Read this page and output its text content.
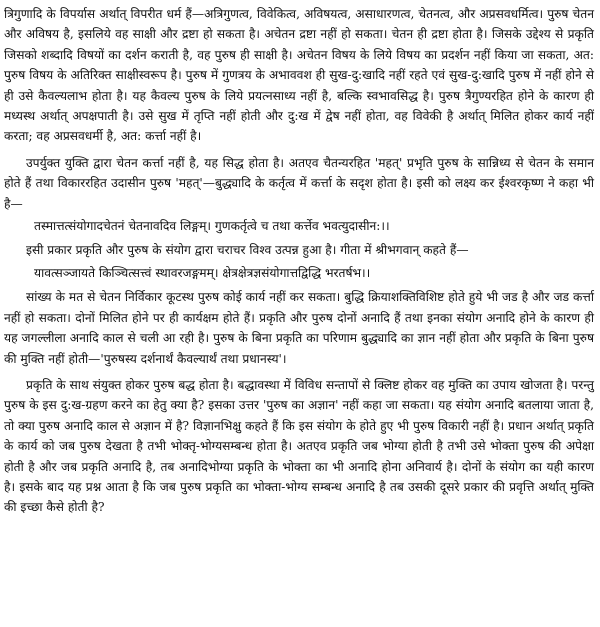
त्रिगुणादि के विपर्यास अर्थात् विपरीत धर्म हैं—अत्रिगुणत्व, विवेकित्व, अविषयत्व, असाधारणत्व, चेतनत्व, और अप्रसवधर्मित्व। पुरुष चेतन और अविषय है, इसलिये वह साक्षी और द्रष्टा हो सकता है। अचेतन द्रष्टा नहीं हो सकता। चेतन ही द्रष्टा होता है। जिसके उद्देश्य से प्रकृति जिसको शब्दादि विषयों का दर्शन कराती है, वह पुरुष ही साक्षी है। अचेतन विषय के लिये विषय का प्रदर्शन नहीं किया जा सकता, अत: पुरुष विषय के अतिरिक्त साक्षीस्वरूप है। पुरुष में गुणत्रय के अभाववश ही सुख-दु:खादि नहीं रहते एवं सुख-दु:खादि पुरुष में नहीं होने से ही उसे कैवल्यलाभ होता है। यह कैवल्य पुरुष के लिये प्रयत्नसाध्य नहीं है, बल्कि स्वभावसिद्ध है। पुरुष त्रैगुण्यरहित होने के कारण ही मध्यस्थ अर्थात् अपक्षपाती है। उसे सुख में तृप्ति नहीं होती और दु:ख में द्वेष नहीं होता, वह विवेकी है अर्थात् मिलित होकर कार्य नहीं करता; वह अप्रसवधर्मी है, अत: कर्त्ता नहीं है।

उपर्युक्त युक्ति द्वारा चेतन कर्त्ता नहीं है, यह सिद्ध होता है। अतएव चैतन्यरहित 'महत्' प्रभृति पुरुष के सान्निध्य से चेतन के समान होते हैं तथा विकाररहित उदासीन पुरुष 'महत्'—बुद्ध्यादि के कर्तृत्व में कर्त्ता के सदृश होता है। इसी को लक्ष्य कर ईश्वरकृष्ण ने कहा भी है—

तस्मात्तत्संयोगादचेतनं चेतनावदिव लिङ्गम्। गुणकर्तृत्वे च तथा कर्त्तेव भवत्युदासीन:।।

इसी प्रकार प्रकृति और पुरुष के संयोग द्वारा चराचर विश्व उत्पन्न हुआ है। गीता में श्रीभगवान् कहते हैं—

यावत्सञ्जायते किञ्चित्सत्त्वं स्थावरजङ्गमम्। क्षेत्रक्षेत्रज्ञसंयोगात्तद्विद्धि भरतर्षभ।।

सांख्य के मत से चेतन निर्विकार कूटस्थ पुरुष कोई कार्य नहीं कर सकता। बुद्धि क्रियाशक्तिविशिष्ट होते हुये भी जड है और जड कर्त्ता नहीं हो सकता। दोनों मिलित होने पर ही कार्यक्षम होते हैं। प्रकृति और पुरुष दोनों अनादि हैं तथा इनका संयोग अनादि होने के कारण ही यह जगल्लीला अनादि काल से चली आ रही है। पुरुष के बिना प्रकृति का परिणाम बुद्ध्यादि का ज्ञान नहीं होता और प्रकृति के बिना पुरुष की मुक्ति नहीं होती—'पुरुषस्य दर्शनार्थं कैवल्यार्थं तथा प्रधानस्य'।

प्रकृति के साथ संयुक्त होकर पुरुष बद्ध होता है। बद्धावस्था में विविध सन्तापों से क्लिष्ट होकर वह मुक्ति का उपाय खोजता है। परन्तु पुरुष के इस दु:ख-ग्रहण करने का हेतु क्या है? इसका उत्तर 'पुरुष का अज्ञान' नहीं कहा जा सकता। यह संयोग अनादि बतलाया जाता है, तो क्या पुरुष अनादि काल से अज्ञान में है? विज्ञानभिक्षु कहते हैं कि इस संयोग के होते हुए भी पुरुष विकारी नहीं है। प्रधान अर्थात् प्रकृति के कार्य को जब पुरुष देखता है तभी भोक्तृ-भोग्यसम्बन्ध होता है। अतएव प्रकृति जब भोग्या होती है तभी उसे भोक्ता पुरुष की अपेक्षा होती है और जब प्रकृति अनादि है, तब अनादिभोग्या प्रकृति के भोक्ता का भी अनादि होना अनिवार्य है। दोनों के संयोग का यही कारण है। इसके बाद यह प्रश्न आता है कि जब पुरुष प्रकृति का भोक्ता-भोग्य सम्बन्ध अनादि है तब उसकी दूसरे प्रकार की प्रवृत्ति अर्थात् मुक्ति की इच्छा कैसे होती है?
